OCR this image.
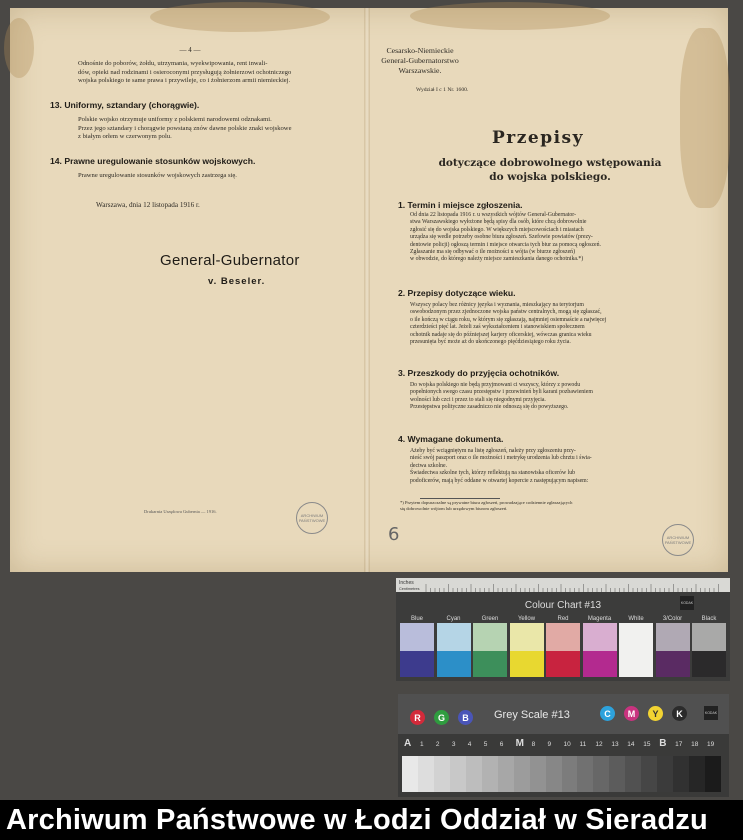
— 4 —
Odnośnie do poborów, żołdu, utrzymania, wyekwipowania, rent inwali-
dów, opieki nad rodzinami i osieroconymi przysługują żołnierzowi ochotniczego
wojska polskiego te same prawa i przywileje, co i żołnierzom armii niemieckiej.
13. Uniformy, sztandary (chorągwie).
Polskie wojsko otrzymuje uniformy z polskiemi narodowemi odznakami.
Przez jego sztandary i chorągwie powstaną znów dawne polskie znaki wojskowe
z białym orłem w czerwonym polu.
14. Prawne uregulowanie stosunków wojskowych.
Prawne uregulowanie stosunków wojskowych zastrzega się.
Warszawa, dnia 12 listopada 1916 r.
General-Gubernator
v. Beseler.
Drukarnia Urzędowa Gubernia — 1916.
ARCHIWUM PAŃSTWOWE
Cesarsko-Niemieckie
General-Gubernatorstwo
Warszawskie.
Wydział I c 1 Nr. 1600.
Przepisy
dotyczące dobrowolnego wstępowania
do wojska polskiego.
1. Termin i miejsce zgłoszenia.
Od dnia 22 listopada 1916 r. u wszystkich wójtów General-Gubernator-
stwa Warszawskiego wyłożone będą spisy dla osób, które chcą dobrowolnie
zgłosić się do wojska polskiego. W większych miejscowościach i miastach
urządza się wedle potrzeby osobne biura zgłoszeń. Szefowie powiatów (prezy-
dentowie policji) ogłoszą termin i miejsce otwarcia tych biur za pomocą ogłoszeń.
Zgłaszanie ma się odbywać o ile możności u wójta (w biurze zgłoszeń)
w obwodzie, do którego należy miejsce zamieszkania danego ochotnika.*)
2. Przepisy dotyczące wieku.
Wszyscy polacy bez różnicy języka i wyznania, mieszkający na terytorjum
oswobodzonym przez zjednoczone wojska państw centralnych, mogą się zgłaszać,
o ile kończą w ciągu roku, w którym się zgłaszają, najmniej osiemnaście a najwięcej
czterdzieści pięć lat. Jeżeli zaś wykształceniem i stanowiskiem społecznem
ochotnik nadaje się do późniejszej karjery oficerskiej, wówczas granica wieku
przesunięta być może aż do ukończonego pięćdziesiątego roku życia.
3. Przeszkody do przyjęcia ochotników.
Do wojska polskiego nie będą przyjmowani ci wszyscy, którzy z powodu
popełnionych swego czasu przestępstw i przewinień byli karani pozbawieniem
wolności lub czci i przez to stali się niegodnymi przyjęcia.
Przestępstwa polityczne zasadniczo nie odnoszą się do powyższego.
4. Wymagane dokumenta.
Ażeby być wciągniętym na listę zgłoszeń, należy przy zgłoszeniu przy-
nieść swój paszport oraz o ile możności i metrykę urodzenia lub chrztu i świa-
dectwa szkolne.
Świadectwa szkolne tych, którzy reflektują na stanowiska oficerów lub
podoficerów, mają być oddane w otwartej kopercie z następującym napisem:
*) Przytem dopuszczalne są prywatne biura zgłoszeń, prowadzające codziennie zgłaszających
się dobrowolnie wójtom lub urzędowym biurom zgłoszeń.
6	ARCHIWUM PAŃSTWOWE
Inches
Centimetres
KODAK
Colour Chart #13
Blue	Cyan	Green	Yellow	Red	Magenta	White	3/Color	Black
R	G	B	Grey Scale #13	C	M	Y	K	KODAK
A 1 2 3 4 5 6 M 8 9 10 11 12 13 14 15 B 17 18 19
Archiwum Państwowe w Łodzi Oddział w Sieradzu
